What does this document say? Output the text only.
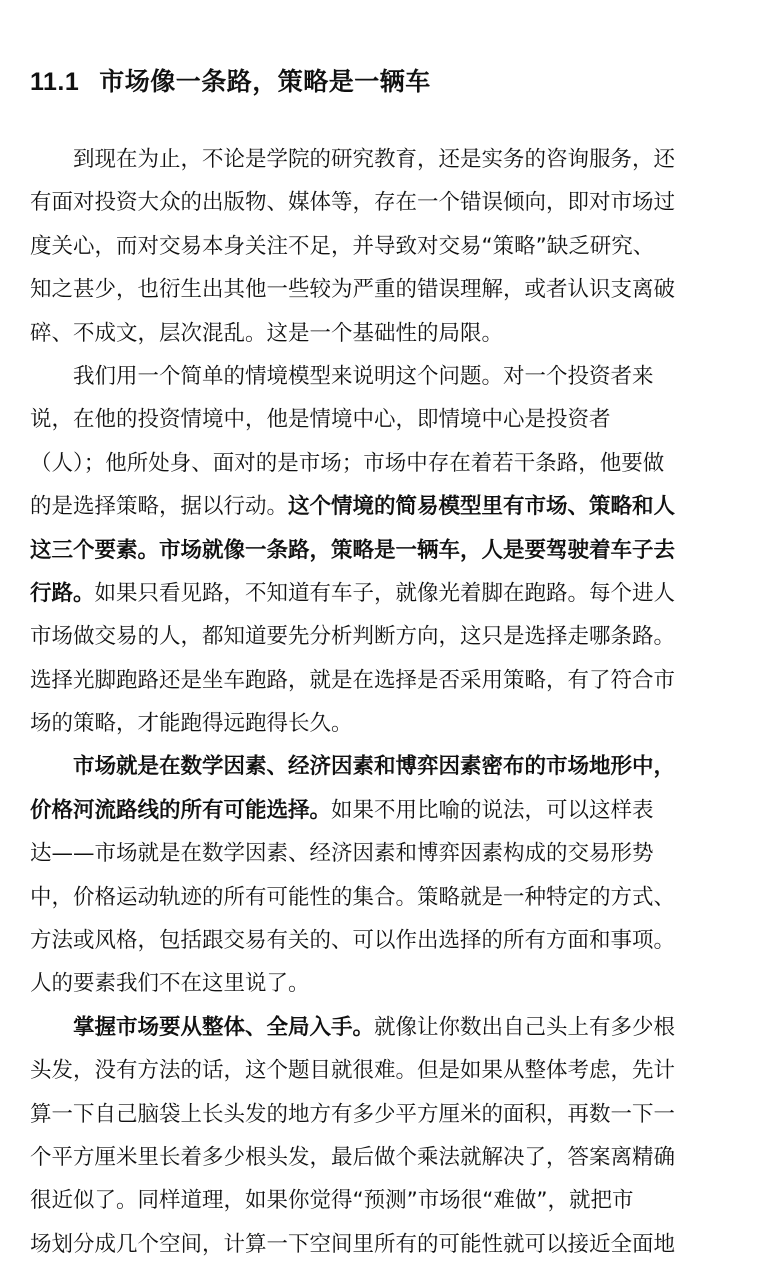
11.1 市场像一条路，策略是一辆车
到现在为止，不论是学院的研究教育，还是实务的咨询服务，还
有面对投资大众的出版物、媒体等，存在一个错误倾向，即对市场过
度关心，而对交易本身关注不足，并导致对交易“策略”缺乏研究、
知之甚少，也衍生出其他一些较为严重的错误理解，或者认识支离破
碎、不成文，层次混乱。这是一个基础性的局限。
我们用一个简单的情境模型来说明这个问题。对一个投资者来
说，在他的投资情境中，他是情境中心，即情境中心是投资者
（人）；他所处身、面对的是市场；市场中存在着若干条路，他要做
的是选择策略，据以行动。这个情境的简易模型里有市场、策略和人
这三个要素。市场就像一条路，策略是一辆车，人是要驾驶着车子去
行路。如果只看见路，不知道有车子，就像光着脚在跑路。每个进人
市场做交易的人，都知道要先分析判断方向，这只是选择走哪条路。
选择光脚跑路还是坐车跑路，就是在选择是否采用策略，有了符合市
场的策略，才能跑得远跑得长久。
市场就是在数学因素、经济因素和博弈因素密布的市场地形中，
价格河流路线的所有可能选择。如果不用比喻的说法，可以这样表
达——市场就是在数学因素、经济因素和博弈因素构成的交易形势
中，价格运动轨迹的所有可能性的集合。策略就是一种特定的方式、
方法或风格，包括跟交易有关的、可以作出选择的所有方面和事项。
人的要素我们不在这里说了。
掌握市场要从整体、全局入手。就像让你数出自己头上有多少根
头发，没有方法的话，这个题目就很难。但是如果从整体考虑，先计
算一下自己脑袋上长头发的地方有多少平方厘米的面积，再数一下一
个平方厘米里长着多少根头发，最后做个乘法就解决了，答案离精确
很近似了。同样道理，如果你觉得“预测”市场很“难做”，就把市
场划分成几个空间，计算一下空间里所有的可能性就可以接近全面地
